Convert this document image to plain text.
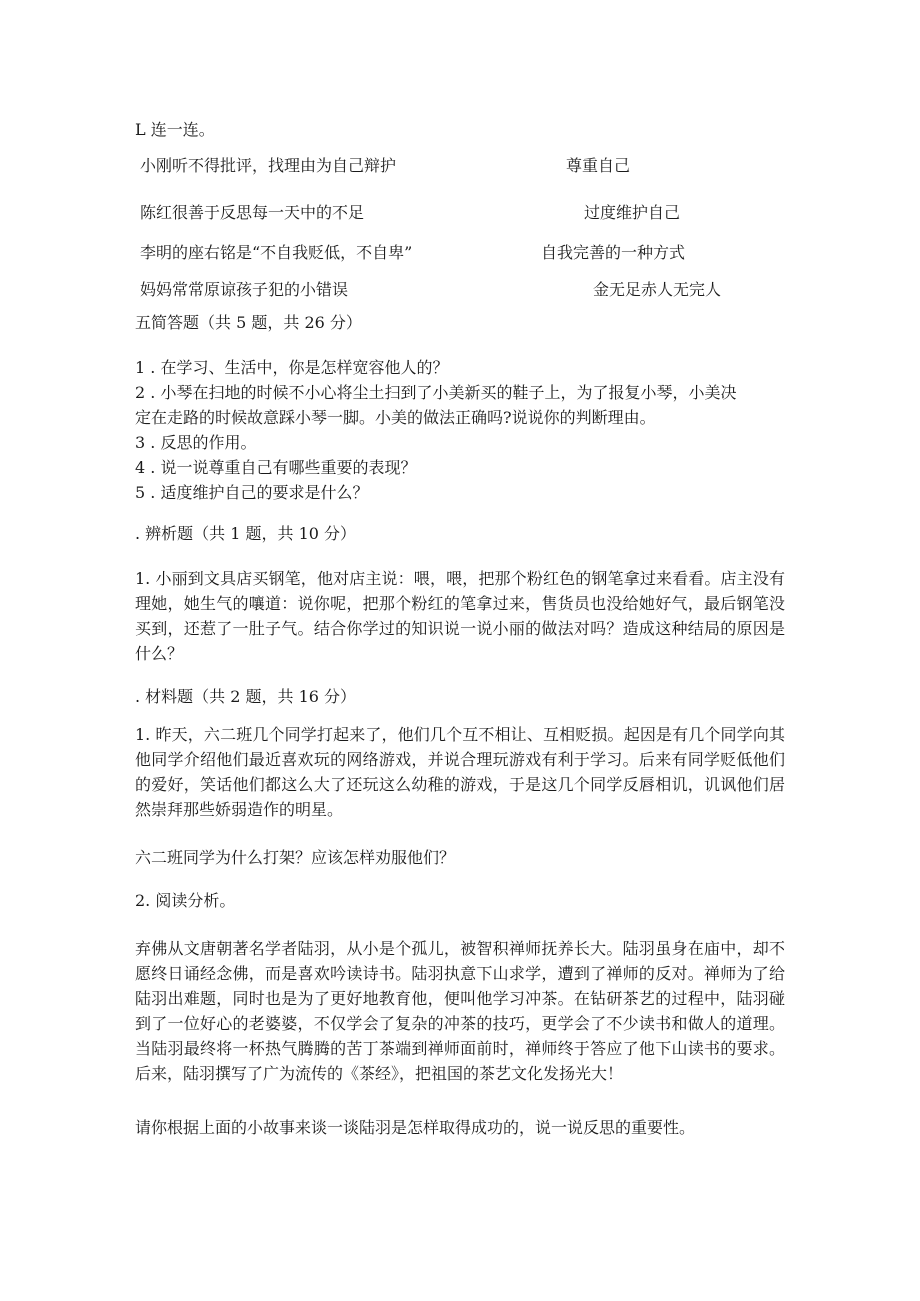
L 连一连。
小刚听不得批评，找理由为自己辩护
陈红很善于反思每一天中的不足
李明的座右铭是“不自我贬低，不自卑”
妈妈常常原谅孩子犯的小错误
尊重自己
过度维护自己
自我完善的一种方式
金无足赤人无完人
五简答题（共 5 题，共 26 分）
1 . 在学习、生活中，你是怎样宽容他人的？
2 . 小琴在扫地的时候不小心将尘土扫到了小美新买的鞋子上，为了报复小琴，小美决
定在走路的时候故意踩小琴一脚。小美的做法正确吗?说说你的判断理由。
3 . 反思的作用。
4 . 说一说尊重自己有哪些重要的表现？
5 . 适度维护自己的要求是什么？
. 辨析题（共 1 题，共 10 分）
1. 小丽到文具店买钢笔，他对店主说：喂，喂，把那个粉红色的钢笔拿过来看看。店主没有理她，她生气的嚷道：说你呢，把那个粉红的笔拿过来，售货员也没给她好气，最后钢笔没买到，还惹了一肚子气。结合你学过的知识说一说小丽的做法对吗？造成这种结局的原因是什么？
. 材料题（共 2 题，共 16 分）
1. 昨天，六二班几个同学打起来了，他们几个互不相让、互相贬损。起因是有几个同学向其他同学介绍他们最近喜欢玩的网络游戏，并说合理玩游戏有利于学习。后来有同学贬低他们的爱好，笑话他们都这么大了还玩这么幼稚的游戏，于是这几个同学反唇相讥，讥讽他们居然崇拜那些娇弱造作的明星。
六二班同学为什么打架？应该怎样劝服他们？
2. 阅读分析。
弃佛从文唐朝著名学者陆羽，从小是个孤儿，被智积禅师抚养长大。陆羽虽身在庙中，却不愿终日诵经念佛，而是喜欢吟读诗书。陆羽执意下山求学，遭到了禅师的反对。禅师为了给陆羽出难题，同时也是为了更好地教育他，便叫他学习冲茶。在钻研茶艺的过程中，陆羽碰到了一位好心的老婆婆，不仅学会了复杂的冲茶的技巧，更学会了不少读书和做人的道理。当陆羽最终将一杯热气腾腾的苦丁茶端到禅师面前时，禅师终于答应了他下山读书的要求。后来，陆羽撰写了广为流传的《茶经》，把祖国的茶艺文化发扬光大！
请你根据上面的小故事来谈一谈陆羽是怎样取得成功的，说一说反思的重要性。
